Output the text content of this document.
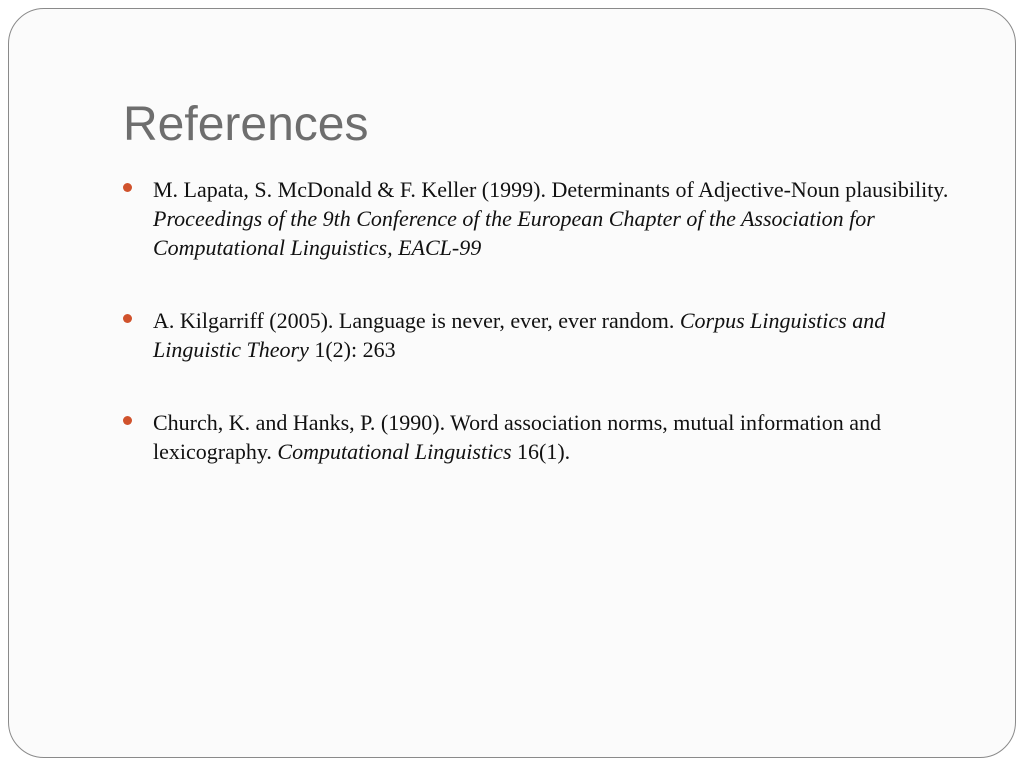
References
M. Lapata, S. McDonald & F. Keller (1999). Determinants of Adjective-Noun plausibility. Proceedings of the 9th Conference of the European Chapter of the Association for Computational Linguistics, EACL-99
A. Kilgarriff (2005). Language is never, ever, ever random. Corpus Linguistics and Linguistic Theory 1(2): 263
Church, K. and Hanks, P. (1990). Word association norms, mutual information and lexicography. Computational Linguistics 16(1).
